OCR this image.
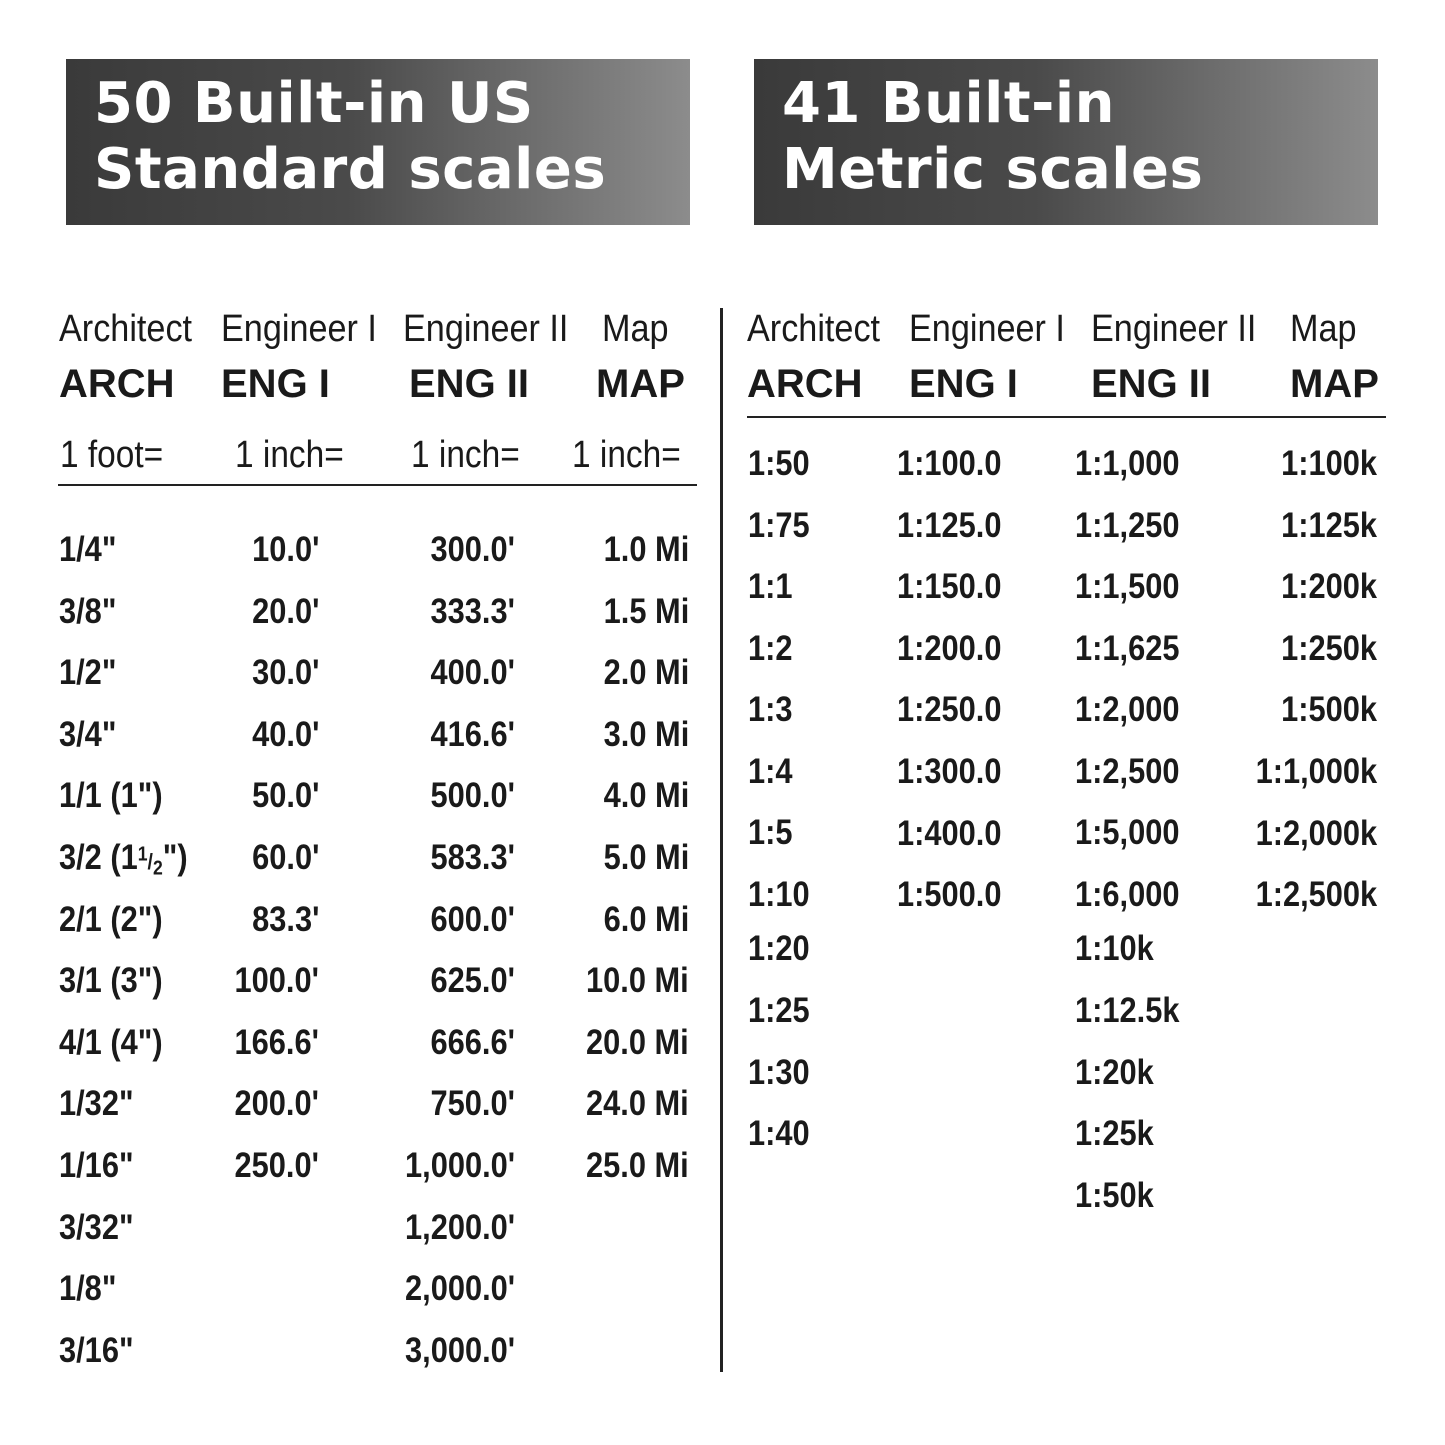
50 Built-in US
Standard scales
41 Built-in
Metric scales
Architect Engineer I Engineer II Map
ARCH ENG I ENG II MAP
1 foot= 1 inch= 1 inch= 1 inch=
Architect Engineer I Engineer II Map
ARCH ENG I ENG II MAP
1/4"
3/8"
1/2"
3/4"
1/1 (1")
3/2 $(1^1/_2")$
2/1 (2")
3/1 (3")
4/1 (4")
1/32"
1/16"
3/32"
1/8"
3/16"
10.0'
20.0'
30.0'
40.0'
50.0'
60.0'
83.3'
100.0'
166.6'
200.0'
250.0'
300.0'
333.3'
400.0'
416.6'
500.0'
583.3'
600.0'
625.0'
666.6'
750.0'
1,000.0'
1,200.0'
2,000.0'
3,000.0'
1.0 Mi
1.5 Mi
2.0 Mi
3.0 Mi
4.0 Mi
5.0 Mi
6.0 Mi
10.0 Mi
20.0 Mi
24.0 Mi
25.0 Mi
1:50
1:75
1:1
1:2
1:3
1:4
1:5
1:10
1:20
1:25
1:30
1:40
1:100.0
1:125.0
1:150.0
1:200.0
1:250.0
1:300.0
1:400.0
1:500.0
1:1,000
1:1,250
1:1,500
1:1,625
1:2,000
1:2,500
1:5,000
1:6,000
1:10k
1:12.5k
1:20k
1:25k
1:50k
1:100k
1:125k
1:200k
1:250k
1:500k
1:1,000k
1:2,000k
1:2,500k
